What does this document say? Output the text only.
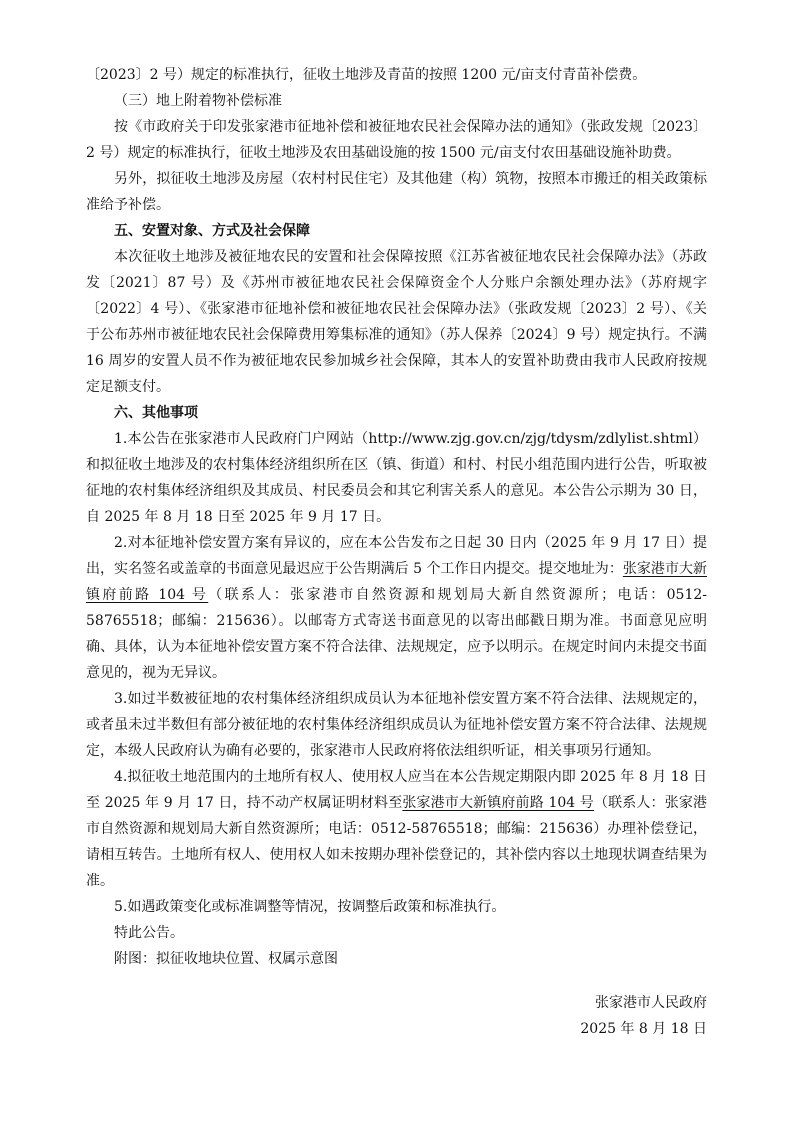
〔2023〕2 号）规定的标准执行，征收土地涉及青苗的按照 1200 元/亩支付青苗补偿费。

（三）地上附着物补偿标准

按《市政府关于印发张家港市征地补偿和被征地农民社会保障办法的通知》（张政发规〔2023〕2 号）规定的标准执行，征收土地涉及农田基础设施的按 1500 元/亩支付农田基础设施补助费。

另外，拟征收土地涉及房屋（农村村民住宅）及其他建（构）筑物，按照本市搬迁的相关政策标准给予补偿。

五、安置对象、方式及社会保障

本次征收土地涉及被征地农民的安置和社会保障按照《江苏省被征地农民社会保障办法》（苏政发〔2021〕87 号）及《苏州市被征地农民社会保障资金个人分账户余额处理办法》（苏府规字〔2022〕4 号）、《张家港市征地补偿和被征地农民社会保障办法》（张政发规〔2023〕2 号）、《关于公布苏州市被征地农民社会保障费用筹集标准的通知》（苏人保养〔2024〕9 号）规定执行。不满 16 周岁的安置人员不作为被征地农民参加城乡社会保障，其本人的安置补助费由我市人民政府按规定足额支付。

六、其他事项

1.本公告在张家港市人民政府门户网站（http://www.zjg.gov.cn/zjg/tdysm/zdlylist.shtml）和拟征收土地涉及的农村集体经济组织所在区（镇、街道）和村、村民小组范围内进行公告，听取被征地的农村集体经济组织及其成员、村民委员会和其它利害关系人的意见。本公告公示期为 30 日，自 2025 年 8 月 18 日至 2025 年 9 月 17 日。

2.对本征地补偿安置方案有异议的，应在本公告发布之日起 30 日内（2025 年 9 月 17 日）提出，实名签名或盖章的书面意见最迟应于公告期满后 5 个工作日内提交。提交地址为：张家港市大新镇府前路 104 号（联系人：张家港市自然资源和规划局大新自然资源所；电话：0512-58765518；邮编：215636）。以邮寄方式寄送书面意见的以寄出邮戳日期为准。书面意见应明确、具体，认为本征地补偿安置方案不符合法律、法规规定，应予以明示。在规定时间内未提交书面意见的，视为无异议。

3.如过半数被征地的农村集体经济组织成员认为本征地补偿安置方案不符合法律、法规规定的，或者虽未过半数但有部分被征地的农村集体经济组织成员认为征地补偿安置方案不符合法律、法规规定，本级人民政府认为确有必要的，张家港市人民政府将依法组织听证，相关事项另行通知。

4.拟征收土地范围内的土地所有权人、使用权人应当在本公告规定期限内即 2025 年 8 月 18 日至 2025 年 9 月 17 日，持不动产权属证明材料至张家港市大新镇府前路 104 号（联系人：张家港市自然资源和规划局大新自然资源所；电话：0512-58765518；邮编：215636）办理补偿登记，请相互转告。土地所有权人、使用权人如未按期办理补偿登记的，其补偿内容以土地现状调查结果为准。

5.如遇政策变化或标准调整等情况，按调整后政策和标准执行。

特此公告。

附图：拟征收地块位置、权属示意图

张家港市人民政府
2025 年 8 月 18 日
